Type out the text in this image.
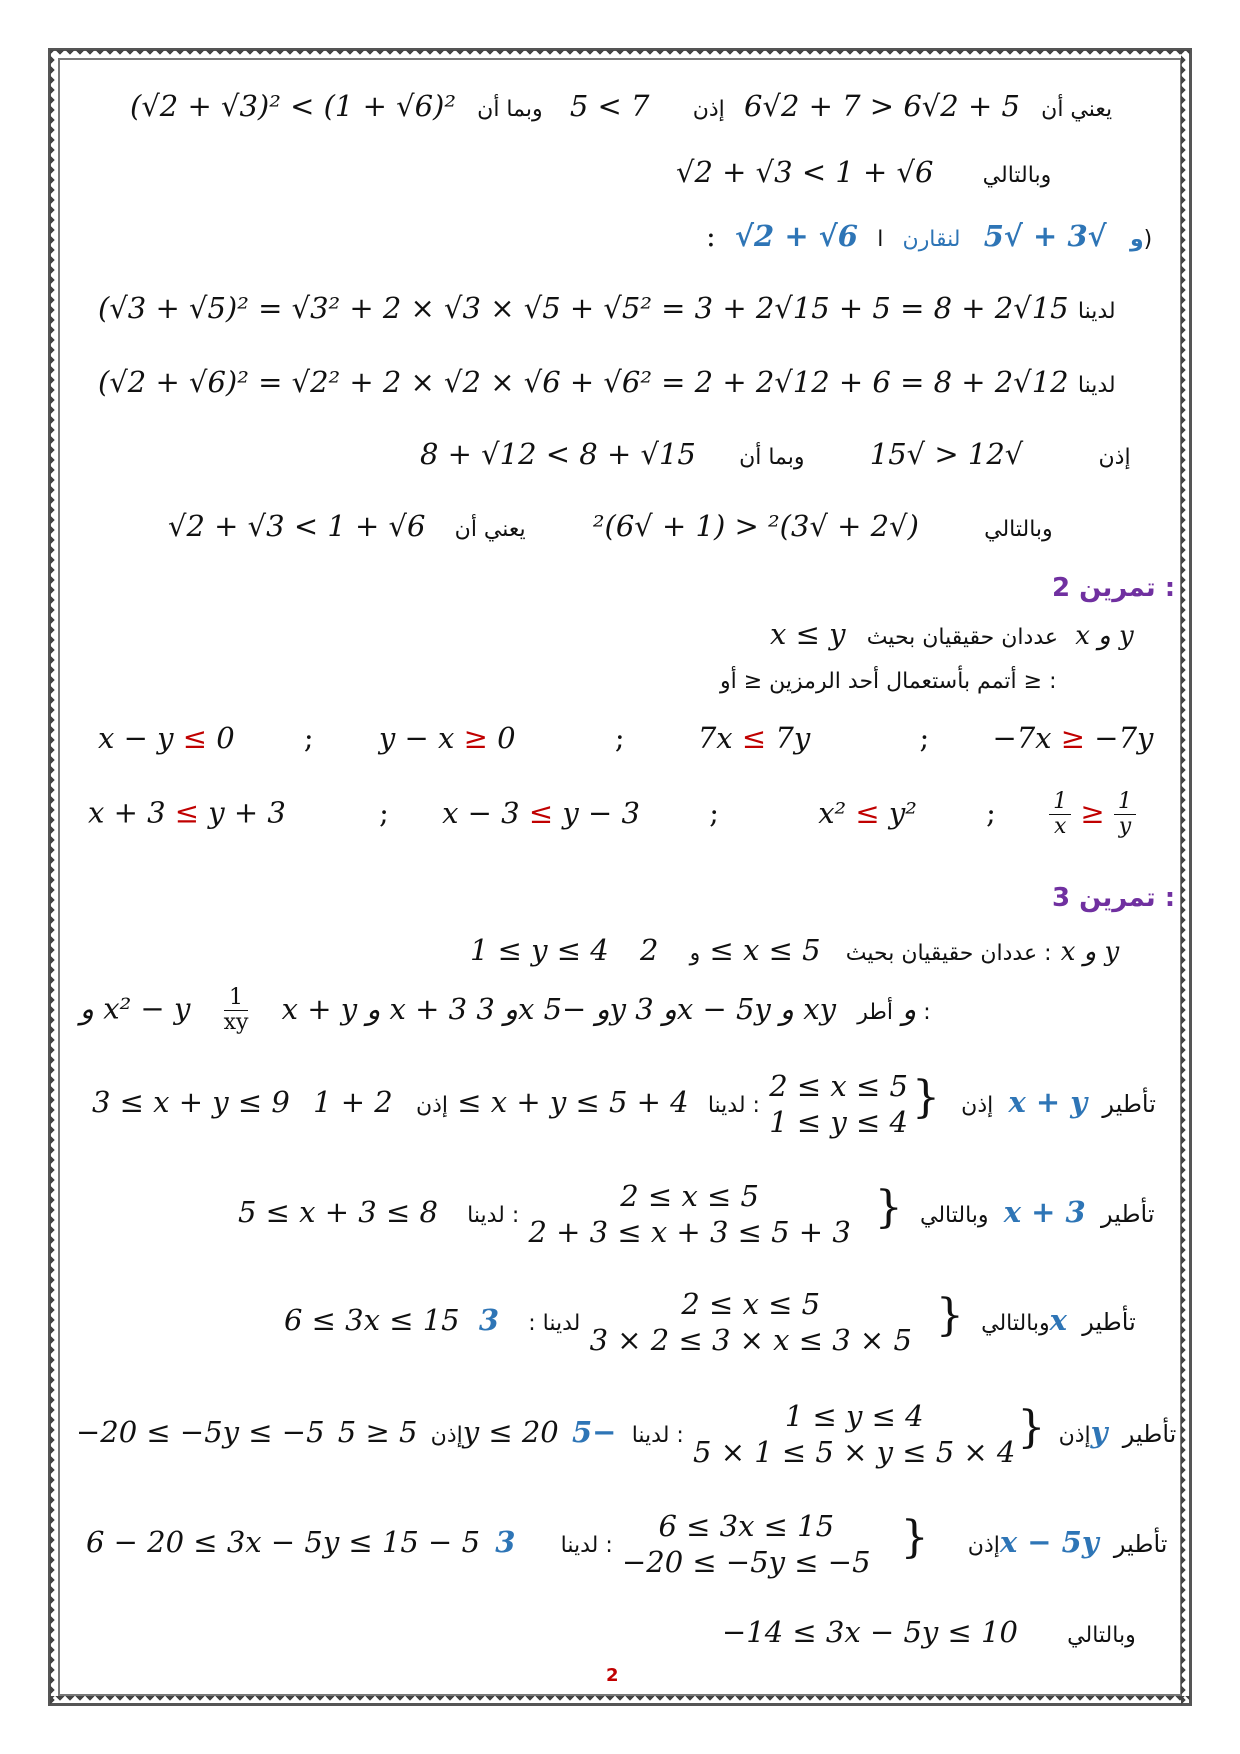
(√2 + √3)² < (1 + √6)²	يعني أن 5 + 2√6 < 7 + 2√6 إذن 7 > 5 وبما أن
√2 + √3 < 1 + √6 وبالتالي
: √2 + √6	و √3 + √5 لنقارن ا)
(√3 + √5)² = √3² + 2 × √3 × √5 + √5² = 3 + 2√15 + 5 = 8 + 2√15 لدينا
(√2 + √6)² = √2² + 2 × √2 × √6 + √6² = 2 + 2√12 + 6 = 8 + 2√12 لدينا
8 + √12 < 8 + √15	إذن √12 < √15 وبما أن
√2 + √3 < 1 + √6	وبالتالي (√2 + √3)² < (1 + √6)² يعني أن
تمرين 2 :
x ≤ y عددان حقيقيان بحيث x و y
أتمم بأستعمال أحد الرمزين ≤ أو ≥ :
x − y ≤ 0 ; y − x ≥ 0	;	7x ≤ 7y	; −7x ≥ −7y
x + 3 ≤ y + 3	; x − 3 ≤ y − 3 ;	x² ≤ y² ; $\frac{1}{x} \ge \frac{1}{y}$
تمرين 3 :
1 ≤ y ≤ 4	و 2 ≤ x ≤ 5 عددان حقيقيان بحيث : x و y
و x² − y $\frac{1}{xy}$ x + y و x + 3 و 3x و −5y و 3x − 5y و xy و أطر :
3 ≤ x + y ≤ 9	إذن 2 + 1 ≤ x + y ≤ 5 + 4	إذن {
2 ≤ x ≤ 5
1 ≤ y ≤ 4
: لدينا	x + y تأطير
5 ≤ x + 3 ≤ 8	وبالتالي {
2 ≤ x ≤ 5
2 + 3 ≤ x + 3 ≤ 5 + 3
: لدينا	x + 3 تأطير
6 ≤ 3x ≤ 15	وبالتالي {
2 ≤ x ≤ 5
3 × 2 ≤ 3 × x ≤ 3 × 5
لدينا : 3x تأطير
−20 ≤ −5y ≤ −5	إذن 5 ≤ 5y ≤ 20	إذن {
1 ≤ y ≤ 4
5 × 1 ≤ 5 × y ≤ 5 × 4
: لدينا −5y تأطير
6 − 20 ≤ 3x − 5y ≤ 15 − 5	إذن {
6 ≤ 3x ≤ 15
−20 ≤ −5y ≤ −5
: لدينا 3x − 5y تأطير
−14 ≤ 3x − 5y ≤ 10 وبالتالي
2
